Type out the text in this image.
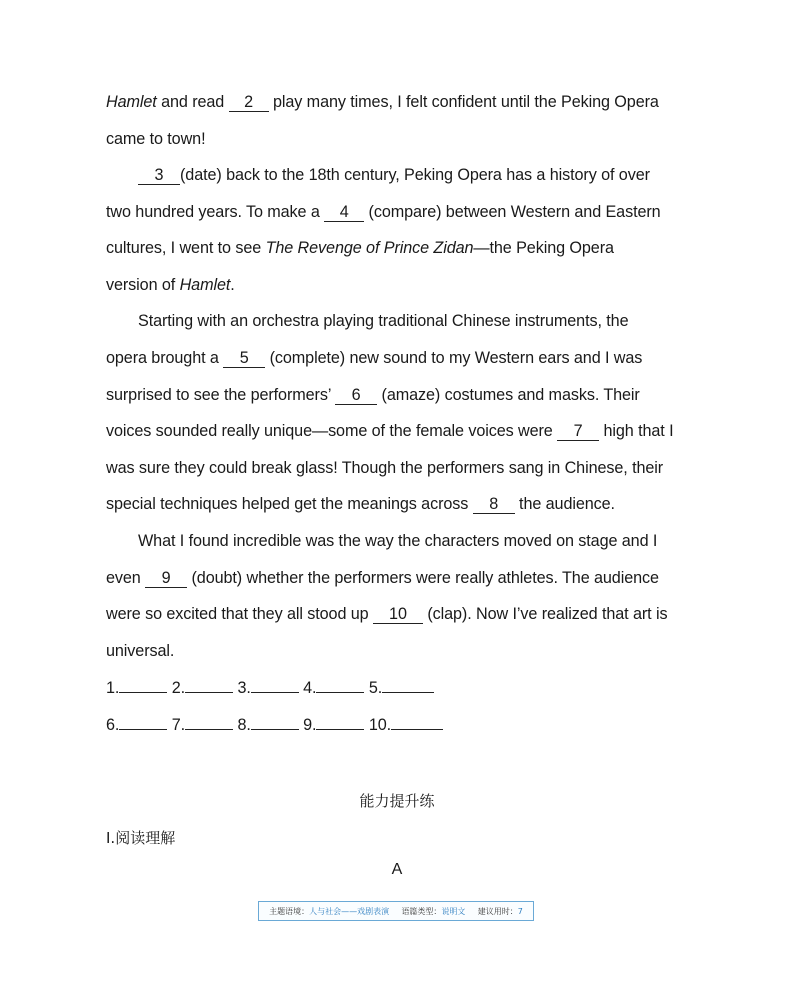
Hamlet and read 2 play many times, I felt confident until the Peking Opera
came to town!
3 (date) back to the 18th century, Peking Opera has a history of over
two hundred years. To make a 4 (compare) between Western and Eastern
cultures, I went to see The Revenge of Prince Zidan—the Peking Opera
version of Hamlet.
Starting with an orchestra playing traditional Chinese instruments, the
opera brought a 5 (complete) new sound to my Western ears and I was
surprised to see the performers’ 6 (amaze) costumes and masks. Their
voices sounded really unique—some of the female voices were 7 high that I
was sure they could break glass! Though the performers sang in Chinese, their
special techniques helped get the meanings across 8 the audience.
What I found incredible was the way the characters moved on stage and I
even 9 (doubt) whether the performers were really athletes. The audience
were so excited that they all stood up 10 (clap). Now I’ve realized that art is
universal.
1.	2.	3.	4.	5.
6.	7.	8.	9.	10.
能力提升练
I.阅读理解
A
主题语境：人与社会——戏剧表演 语篇类型：说明文 建议用时：7
